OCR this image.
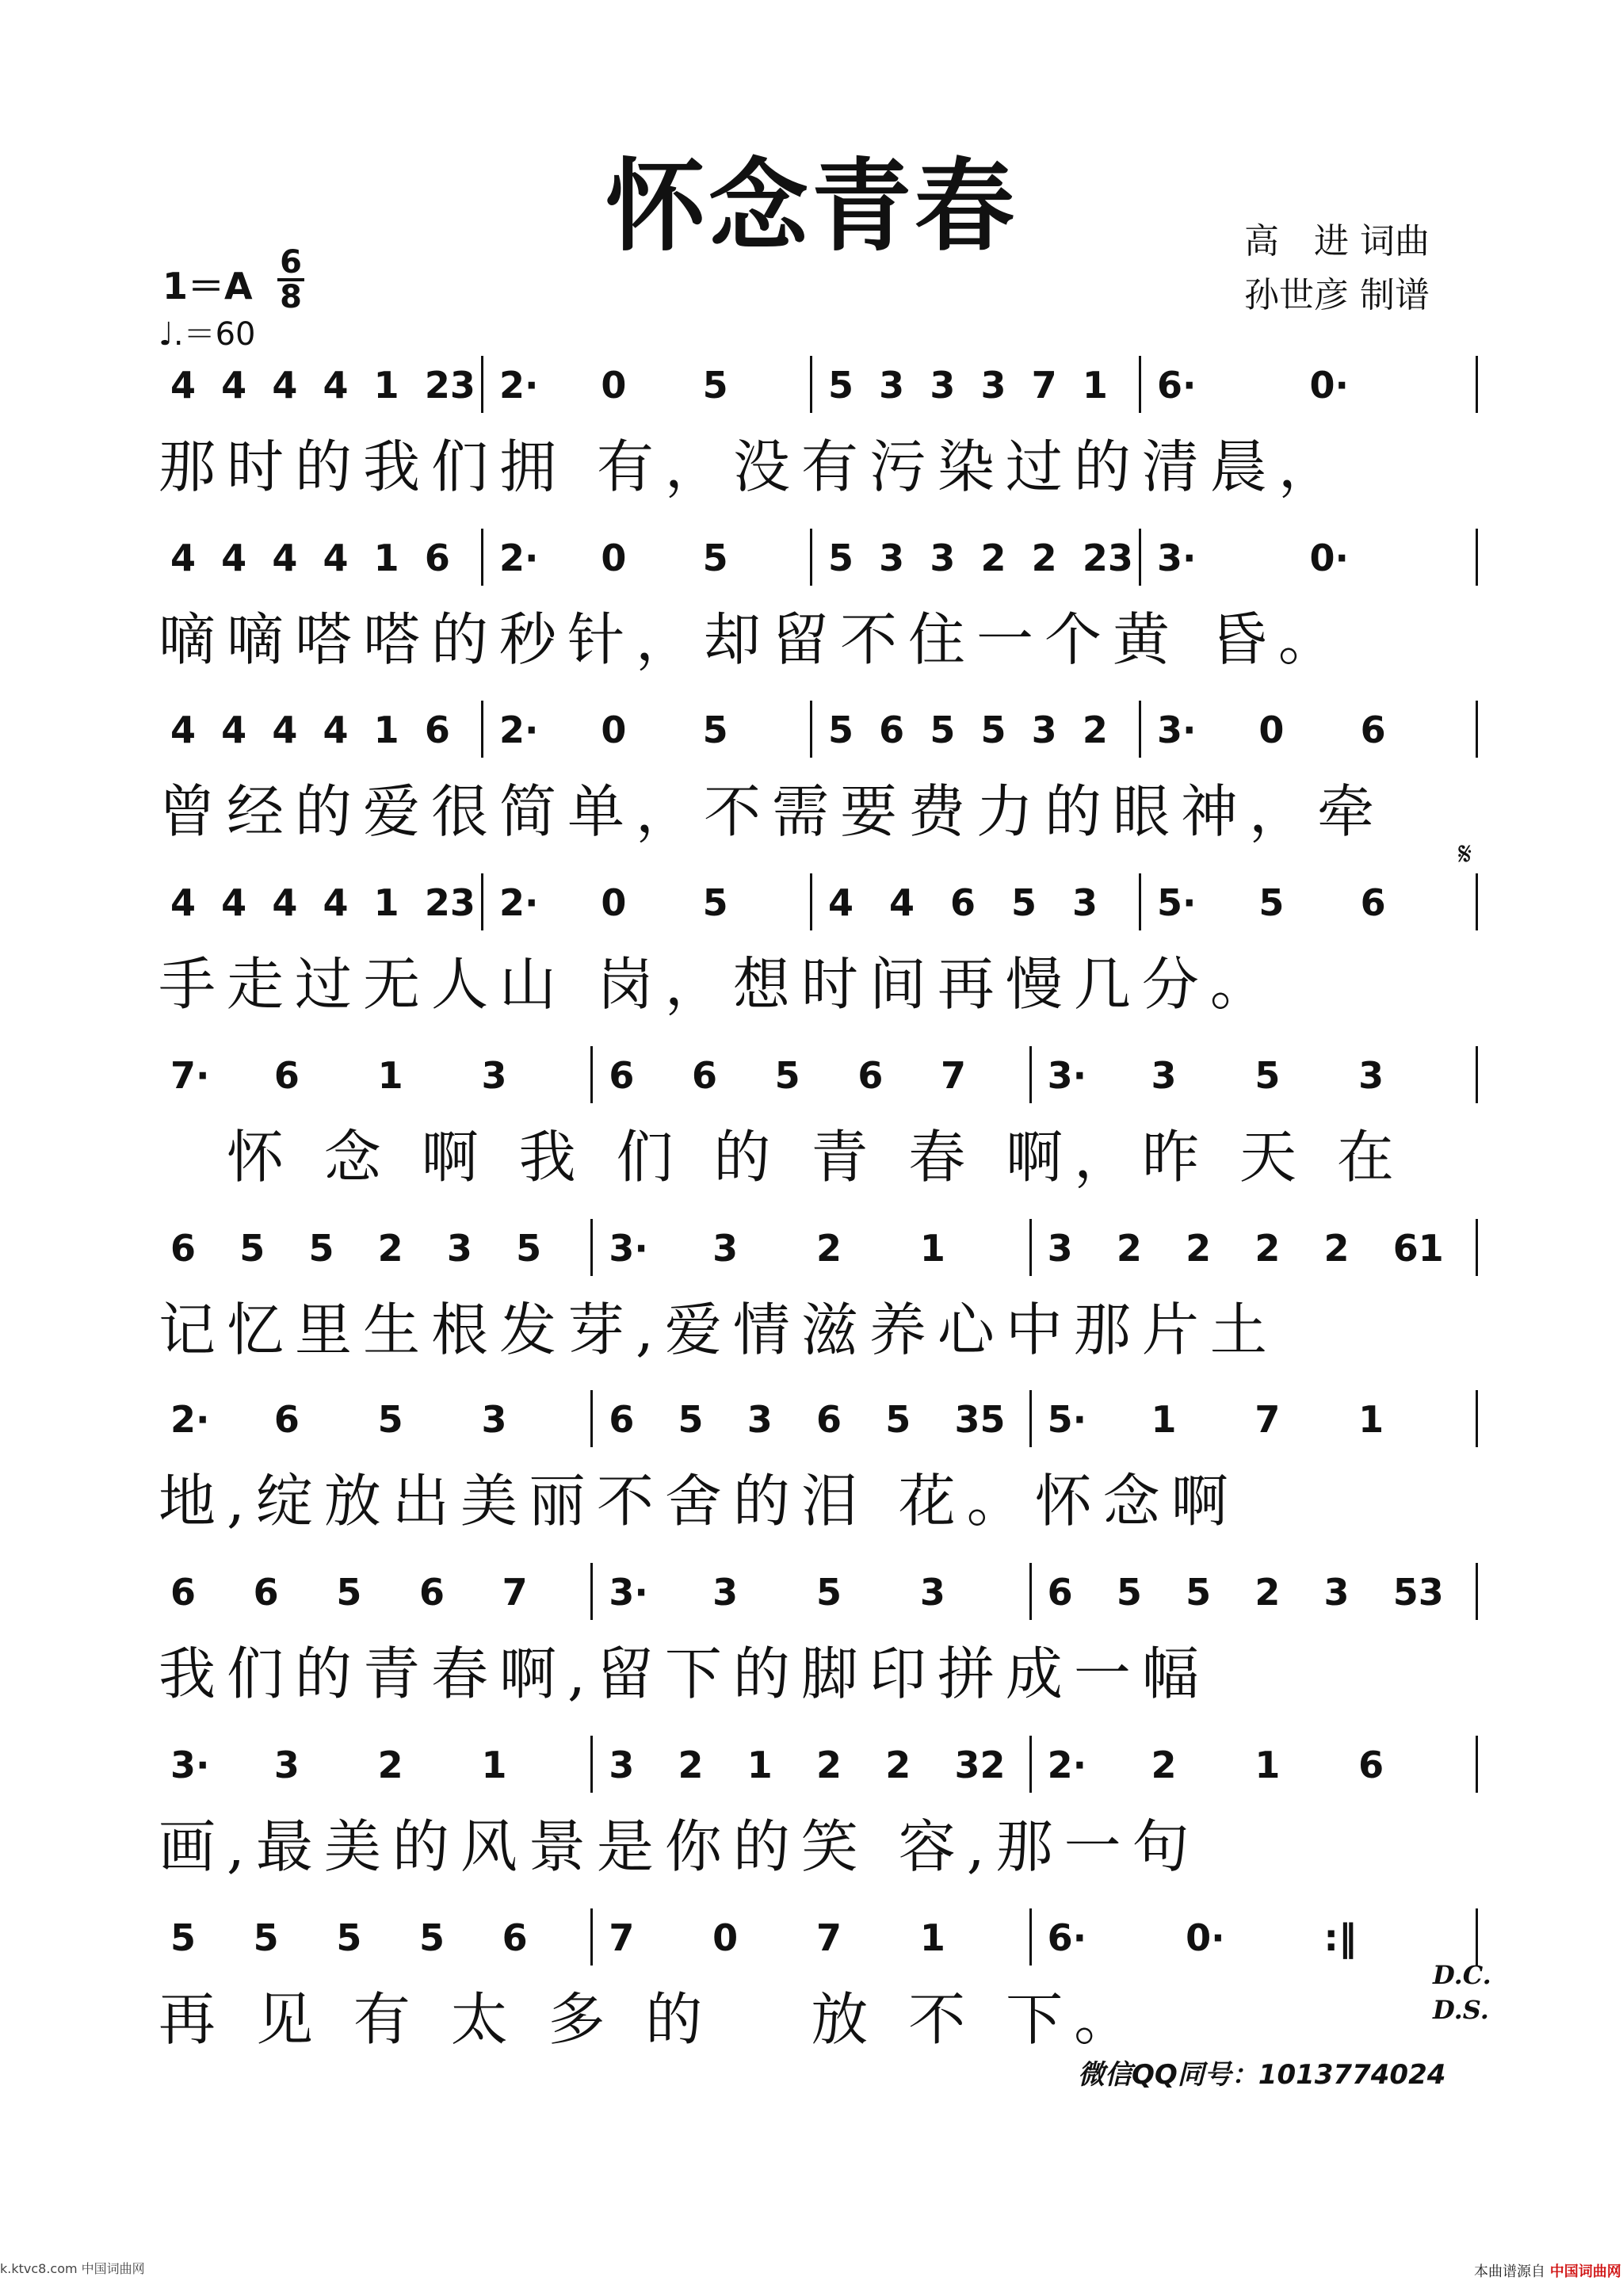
怀念青春	高　进 词曲
孙世彦 制谱
1＝A
6
8
♩.＝60
4 4 4 4 1 23 2·	0	5	5 3 3 3 7 1	6·	0·
那时的我们拥 有，没有污染过的清晨，
4 4 4 4 1 6	2·	0	5	5 3 3 2 2 23 3·	0·
嘀嘀嗒嗒的秒针，却留不住一个黄 昏。
4 4 4 4 1 6	2·	0	5	5 6 5 5 3 2	3·	0	6
曾经的爱很简单，不需要费力的眼神，牵
4 4 4 4 1 23 2·	0	5	4 4 6 5 3	5·	5	6
手走过无人山 岗，想时间再慢几分。
7·	6	1	3	6	6	5	6	7	3·	3	5	3
　怀 念 啊 我 们 的 青 春 啊，昨 天 在
6	5	5	2	3	5	3·	3	2	1	3	2	2	2	2	61
记忆里生根发芽,爱情滋养心中那片土
2·	6	5	3	6	5	3	6	5	35	5·	1	7	1
地,绽放出美丽不舍的泪 花。怀念啊
6	6	5	6	7	3·	3	5	3	6	5	5	2	3	53
我们的青春啊,留下的脚印拼成一幅
3·	3	2	1	3	2	1	2	2	32	2·	2	1	6
画,最美的风景是你的笑 容,那一句
5	5	5	5	6	7	0	7	1	6·	0·	:‖
再 见 有 太 多 的　 放 不 下。
𝄋
D.C.
D.S.
微信QQ同号：1013774024
k.ktvc8.com 中国词曲网	本曲谱源自 中国词曲网
